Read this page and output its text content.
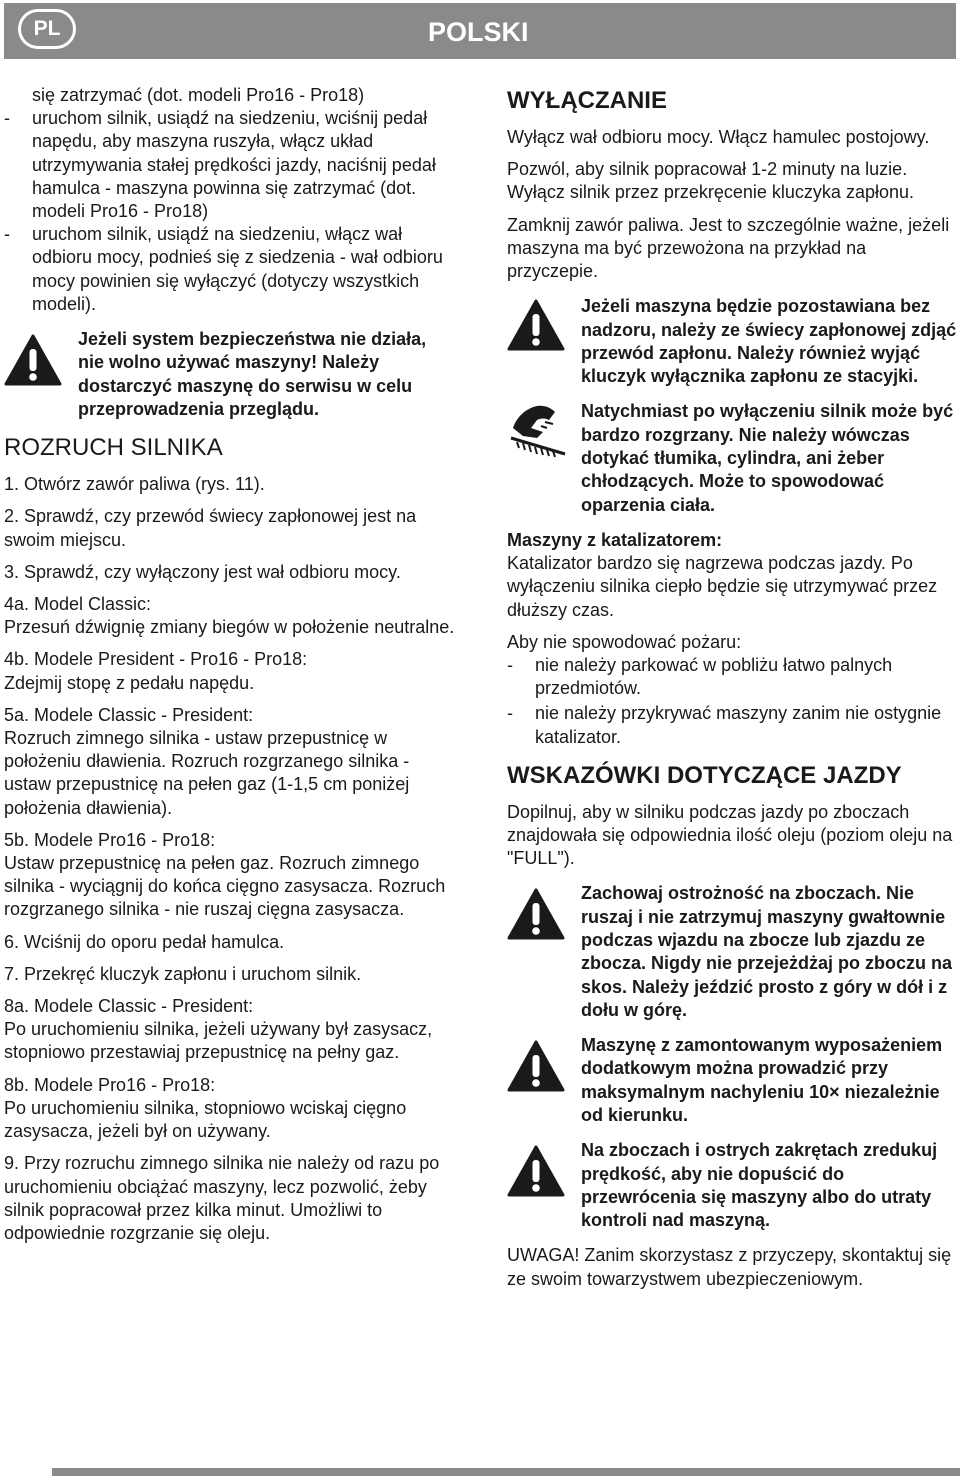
PL	POLSKI

się zatrzymać (dot. modeli Pro16 - Pro18)

- uruchom silnik, usiądź na siedzeniu, wciśnij pedał napędu, aby maszyna ruszyła, włącz układ utrzymywania stałej prędkości jazdy, naciśnij pedał hamulca - maszyna powinna się zatrzymać (dot. modeli Pro16 - Pro18)

- uruchom silnik, usiądź na siedzeniu, włącz wał odbioru mocy, podnieś się z siedzenia - wał odbioru mocy powinien się wyłączyć (dotyczy wszystkich modeli).

Jeżeli system bezpieczeństwa nie działa, nie wolno używać maszyny! Należy dostarczyć maszynę do serwisu w celu przeprowadzenia przeglądu.

ROZRUCH SILNIKA

1. Otwórz zawór paliwa (rys. 11).

2. Sprawdź, czy przewód świecy zapłonowej jest na swoim miejscu.

3. Sprawdź, czy wyłączony jest wał odbioru mocy.

4a. Model Classic:
Przesuń dźwignię zmiany biegów w położenie neutralne.

4b. Modele President - Pro16 - Pro18:
Zdejmij stopę z pedału napędu.

5a. Modele Classic - President:
Rozruch zimnego silnika - ustaw przepustnicę w położeniu dławienia. Rozruch rozgrzanego silnika - ustaw przepustnicę na pełen gaz (1-1,5 cm poniżej położenia dławienia).

5b. Modele Pro16 - Pro18:
Ustaw przepustnicę na pełen gaz. Rozruch zimnego silnika - wyciągnij do końca cięgno zasysacza. Rozruch rozgrzanego silnika - nie ruszaj cięgna zasysacza.

6. Wciśnij do oporu pedał hamulca.

7. Przekręć kluczyk zapłonu i uruchom silnik.

8a. Modele Classic - President:
Po uruchomieniu silnika, jeżeli używany był zasysacz, stopniowo przestawiaj przepustnicę na pełny gaz.

8b. Modele Pro16 - Pro18:
Po uruchomieniu silnika, stopniowo wciskaj cięgno zasysacza, jeżeli był on używany.

9. Przy rozruchu zimnego silnika nie należy od razu po uruchomieniu obciążać maszyny, lecz pozwolić, żeby silnik popracował przez kilka minut. Umożliwi to odpowiednie rozgrzanie się oleju.

WYŁĄCZANIE

Wyłącz wał odbioru mocy. Włącz hamulec postojowy.

Pozwól, aby silnik popracował 1-2 minuty na luzie. Wyłącz silnik przez przekręcenie kluczyka zapłonu.

Zamknij zawór paliwa. Jest to szczególnie ważne, jeżeli maszyna ma być przewożona na przykład na przyczepie.

Jeżeli maszyna będzie pozostawiana bez nadzoru, należy ze świecy zapłonowej zdjąć przewód zapłonu. Należy również wyjąć kluczyk wyłącznika zapłonu ze stacyjki.
Natychmiast po wyłączeniu silnik może być bardzo rozgrzany. Nie należy wówczas dotykać tłumika, cylindra, ani żeber chłodzących. Może to spowodować oparzenia ciała.

Maszyny z katalizatorem:

Katalizator bardzo się nagrzewa podczas jazdy. Po wyłączeniu silnika ciepło będzie się utrzymywać przez dłuższy czas.

Aby nie spowodować pożaru:

- nie należy parkować w pobliżu łatwo palnych przedmiotów.

- nie należy przykrywać maszyny zanim nie ostygnie katalizator.

WSKAZÓWKI DOTYCZĄCE JAZDY

Dopilnuj, aby w silniku podczas jazdy po zboczach znajdowała się odpowiednia ilość oleju (poziom oleju na "FULL").

Zachowaj ostrożność na zboczach. Nie ruszaj i nie zatrzymuj maszyny gwałtownie podczas wjazdu na zbocze lub zjazdu ze zbocza. Nigdy nie przejeżdżaj po zboczu na skos. Należy jeździć prosto z góry w dół i z dołu w górę.
Maszynę z zamontowanym wyposażeniem dodatkowym można prowadzić przy maksymalnym nachyleniu 10× niezależnie od kierunku.
Na zboczach i ostrych zakrętach zredukuj prędkość, aby nie dopuścić do przewrócenia się maszyny albo do utraty kontroli nad maszyną.

UWAGA! Zanim skorzystasz z przyczepy, skontaktuj się ze swoim towarzystwem ubezpieczeniowym.
